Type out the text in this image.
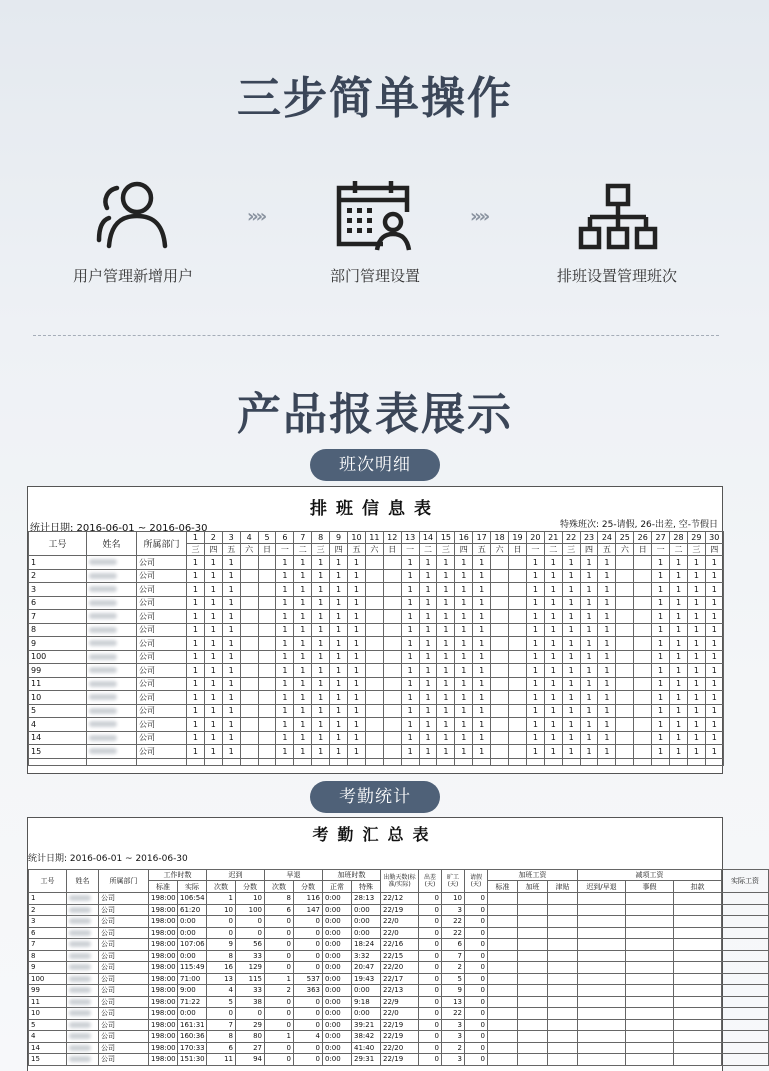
三步简单操作
用户管理新增用户
»»
部门管理设置
»»
排班设置管理班次
产品报表展示
班次明细
排班信息表
统计日期: 2016-06-01 ~ 2016-06-30	特殊班次: 25-请假, 26-出差, 空-节假日
工号	姓名	所属部门	1	2	3	4	5	6	7	8	9	10	11	12	13	14	15	16	17	18	19	20	21	22	23	24	25	26	27	28	29	30
			三	四	五	六	日	一	二	三	四	五	六	日	一	二	三	四	五	六	日	一	二	三	四	五	六	日	一	二	三	四
1		公司	1	1	1			1	1	1	1	1			1	1	1	1	1			1	1	1	1	1			1	1	1	1
2		公司	1	1	1			1	1	1	1	1			1	1	1	1	1			1	1	1	1	1			1	1	1	1
3		公司	1	1	1			1	1	1	1	1			1	1	1	1	1			1	1	1	1	1			1	1	1	1
6		公司	1	1	1			1	1	1	1	1			1	1	1	1	1			1	1	1	1	1			1	1	1	1
7		公司	1	1	1			1	1	1	1	1			1	1	1	1	1			1	1	1	1	1			1	1	1	1
8		公司	1	1	1			1	1	1	1	1			1	1	1	1	1			1	1	1	1	1			1	1	1	1
9		公司	1	1	1			1	1	1	1	1			1	1	1	1	1			1	1	1	1	1			1	1	1	1
100		公司	1	1	1			1	1	1	1	1			1	1	1	1	1			1	1	1	1	1			1	1	1	1
99		公司	1	1	1			1	1	1	1	1			1	1	1	1	1			1	1	1	1	1			1	1	1	1
11		公司	1	1	1			1	1	1	1	1			1	1	1	1	1			1	1	1	1	1			1	1	1	1
10		公司	1	1	1			1	1	1	1	1			1	1	1	1	1			1	1	1	1	1			1	1	1	1
5		公司	1	1	1			1	1	1	1	1			1	1	1	1	1			1	1	1	1	1			1	1	1	1
4		公司	1	1	1			1	1	1	1	1			1	1	1	1	1			1	1	1	1	1			1	1	1	1
14		公司	1	1	1			1	1	1	1	1			1	1	1	1	1			1	1	1	1	1			1	1	1	1
15		公司	1	1	1			1	1	1	1	1			1	1	1	1	1			1	1	1	1	1			1	1	1	1

考勤统计
考勤汇总表
统计日期: 2016-06-01 ~ 2016-06-30
工号	姓名	所属部门	工作时数		迟到		早退		加班时数		出勤天数(标准/实际)	出差(天)	旷工(天)	请假(天)	加班工资			减项工资			实际工资
			标准	实际	次数	分数	次数	分数	正常	特殊					标准	加班	津贴	迟到/早退	事假	扣款	
1		公司	198:00	106:54	1	10	8	116	0:00	28:13	22/12	0	10	0							
2		公司	198:00	61:20	10	100	6	147	0:00	0:00	22/19	0	3	0							
3		公司	198:00	0:00	0	0	0	0	0:00	0:00	22/0	0	22	0							
6		公司	198:00	0:00	0	0	0	0	0:00	0:00	22/0	0	22	0							
7		公司	198:00	107:06	9	56	0	0	0:00	18:24	22/16	0	6	0							
8		公司	198:00	0:00	8	33	0	0	0:00	3:32	22/15	0	7	0							
9		公司	198:00	115:49	16	129	0	0	0:00	20:47	22/20	0	2	0							
100		公司	198:00	71:00	13	115	1	537	0:00	19:43	22/17	0	5	0							
99		公司	198:00	9:00	4	33	2	363	0:00	0:00	22/13	0	9	0							
11		公司	198:00	71:22	5	38	0	0	0:00	9:18	22/9	0	13	0							
10		公司	198:00	0:00	0	0	0	0	0:00	0:00	22/0	0	22	0							
5		公司	198:00	161:31	7	29	0	0	0:00	39:21	22/19	0	3	0							
4		公司	198:00	160:36	8	80	1	4	0:00	38:42	22/19	0	3	0							
14		公司	198:00	170:33	6	27	0	0	0:00	41:40	22/20	0	2	0							
15		公司	198:00	151:30	11	94	0	0	0:00	29:31	22/19	0	3	0							
